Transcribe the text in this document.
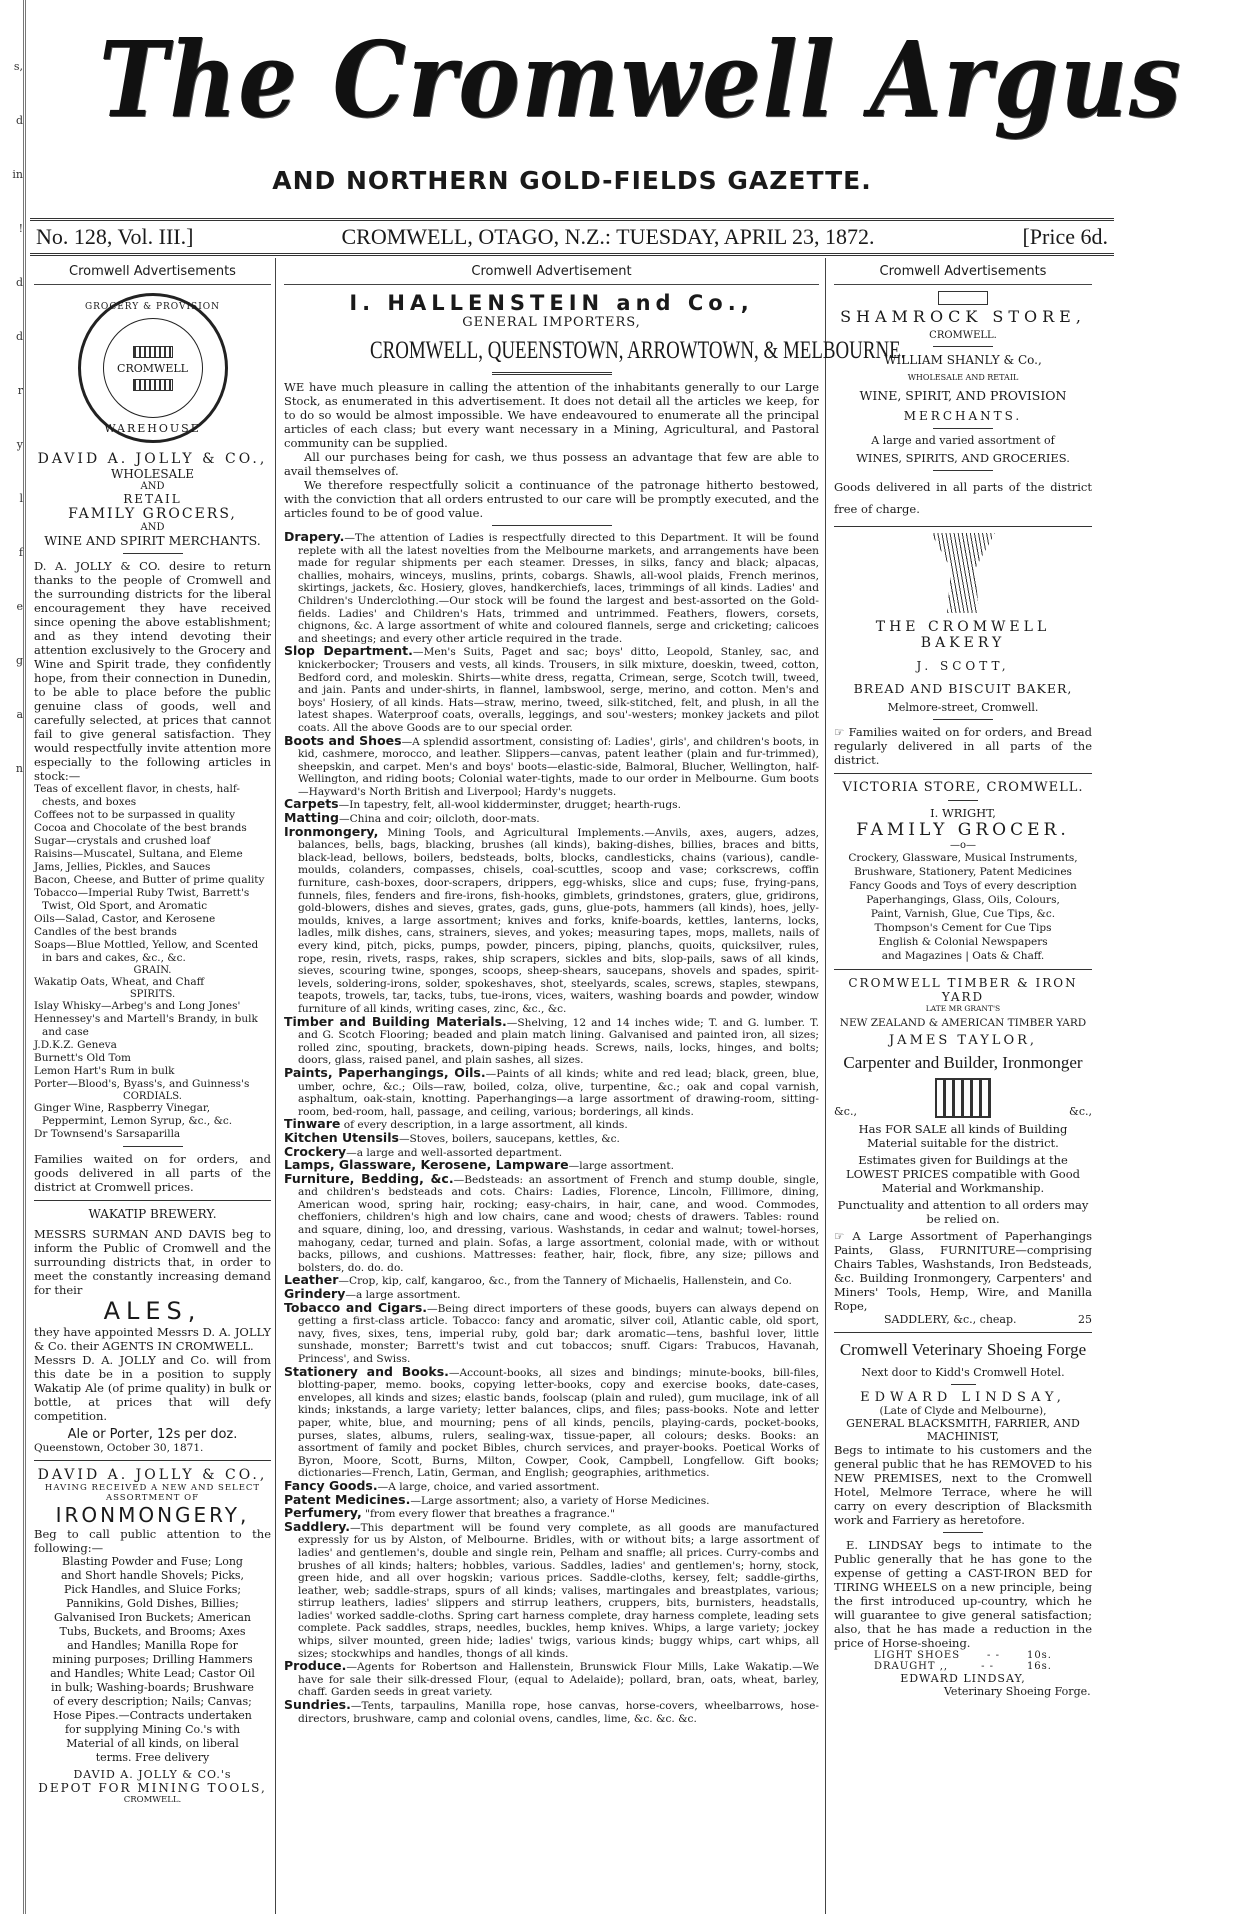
s,
d
in
!
d
d
r
y
l
f
e
g
a
n
The Cromwell Argus
AND NORTHERN GOLD-FIELDS GAZETTE.
No. 128, Vol. III.]	CROMWELL, OTAGO, N.Z.: TUESDAY, APRIL 23, 1872.	[Price 6d.
Cromwell Advertisements
GROCERY & PROVISION
CROMWELL
WAREHOUSE
DAVID A. JOLLY & CO.,
WHOLESALE
AND
RETAIL
FAMILY GROCERS,
AND
WINE AND SPIRIT MERCHANTS.

D. A. JOLLY & CO. desire to return thanks to the people of Cromwell and the surrounding districts for the liberal encouragement they have received since opening the above establishment; and as they intend devoting their attention exclusively to the Grocery and Wine and Spirit trade, they confidently hope, from their connection in Dunedin, to be able to place before the public genuine class of goods, well and carefully selected, at prices that cannot fail to give general satisfaction. They would respectfully invite attention more especially to the following articles in stock:—

Teas of excellent flavor, in chests, half-chests, and boxes

Coffees not to be surpassed in quality

Cocoa and Chocolate of the best brands

Sugar—crystals and crushed loaf

Raisins—Muscatel, Sultana, and Eleme

Jams, Jellies, Pickles, and Sauces

Bacon, Cheese, and Butter of prime quality

Tobacco—Imperial Ruby Twist, Barrett's Twist, Old Sport, and Aromatic

Oils—Salad, Castor, and Kerosene

Candles of the best brands

Soaps—Blue Mottled, Yellow, and Scented in bars and cakes, &c., &c.

GRAIN.

Wakatip Oats, Wheat, and Chaff

SPIRITS.

Islay Whisky—Arbeg's and Long Jones'

Hennessey's and Martell's Brandy, in bulk and case

J.D.K.Z. Geneva

Burnett's Old Tom

Lemon Hart's Rum in bulk

Porter—Blood's, Byass's, and Guinness's

CORDIALS.

Ginger Wine, Raspberry Vinegar, Peppermint, Lemon Syrup, &c., &c.

Dr Townsend's Sarsaparilla

Families waited on for orders, and goods delivered in all parts of the district at Cromwell prices.

WAKATIP BREWERY.

MESSRS SURMAN AND DAVIS beg to inform the Public of Cromwell and the surrounding districts that, in order to meet the constantly increasing demand for their

ALES,

they have appointed Messrs D. A. JOLLY & Co. their AGENTS IN CROMWELL.

Messrs D. A. JOLLY and Co. will from this date be in a position to supply Wakatip Ale (of prime quality) in bulk or bottle, at prices that will defy competition.

Ale or Porter, 12s per doz.
Queenstown, October 30, 1871.
DAVID A. JOLLY & CO.,
HAVING RECEIVED A NEW AND SELECT ASSORTMENT OF
IRONMONGERY,

Beg to call public attention to the following:—

Blasting Powder and Fuse; Long and Short handle Shovels; Picks, Pick Handles, and Sluice Forks; Pannikins, Gold Dishes, Billies; Galvanised Iron Buckets; American Tubs, Buckets, and Brooms; Axes and Handles; Manilla Rope for mining purposes; Drilling Hammers and Handles; White Lead; Castor Oil in bulk; Washing-boards; Brushware of every description; Nails; Canvas; Hose Pipes.—Contracts undertaken for supplying Mining Co.'s with Material of all kinds, on liberal terms. Free delivery

DAVID A. JOLLY & CO.'s
DEPOT FOR MINING TOOLS,
CROMWELL.
Cromwell Advertisement
I. HALLENSTEIN and Co.,
GENERAL IMPORTERS,
CROMWELL, QUEENSTOWN, ARROWTOWN, & MELBOURNE.

WE have much pleasure in calling the attention of the inhabitants generally to our Large Stock, as enumerated in this advertisement. It does not detail all the articles we keep, for to do so would be almost impossible. We have endeavoured to enumerate all the principal articles of each class; but every want necessary in a Mining, Agricultural, and Pastoral community can be supplied.

All our purchases being for cash, we thus possess an advantage that few are able to avail themselves of.

We therefore respectfully solicit a continuance of the patronage hitherto bestowed, with the conviction that all orders entrusted to our care will be promptly executed, and the articles found to be of good value.

Drapery.—The attention of Ladies is respectfully directed to this Department. It will be found replete with all the latest novelties from the Melbourne markets, and arrangements have been made for regular shipments per each steamer. Dresses, in silks, fancy and black; alpacas, challies, mohairs, winceys, muslins, prints, cobargs. Shawls, all-wool plaids, French merinos, skirtings, jackets, &c. Hosiery, gloves, handkerchiefs, laces, trimmings of all kinds. Ladies' and Children's Underclothing.—Our stock will be found the largest and best-assorted on the Gold-fields. Ladies' and Children's Hats, trimmed and untrimmed. Feathers, flowers, corsets, chignons, &c. A large assortment of white and coloured flannels, serge and cricketing; calicoes and sheetings; and every other article required in the trade.

Slop Department.—Men's Suits, Paget and sac; boys' ditto, Leopold, Stanley, sac, and knickerbocker; Trousers and vests, all kinds. Trousers, in silk mixture, doeskin, tweed, cotton, Bedford cord, and moleskin. Shirts—white dress, regatta, Crimean, serge, Scotch twill, tweed, and jain. Pants and under-shirts, in flannel, lambswool, serge, merino, and cotton. Men's and boys' Hosiery, of all kinds. Hats—straw, merino, tweed, silk-stitched, felt, and plush, in all the latest shapes. Waterproof coats, overalls, leggings, and sou'-westers; monkey jackets and pilot coats. All the above Goods are to our special order.

Boots and Shoes—A splendid assortment, consisting of: Ladies', girls', and children's boots, in kid, cashmere, morocco, and leather. Slippers—canvas, patent leather (plain and fur-trimmed), sheepskin, and carpet. Men's and boys' boots—elastic-side, Balmoral, Blucher, Wellington, half-Wellington, and riding boots; Colonial water-tights, made to our order in Melbourne. Gum boots—Hayward's North British and Liverpool; Hardy's nuggets.

Carpets—In tapestry, felt, all-wool kidderminster, drugget; hearth-rugs.

Matting—China and coir; oilcloth, door-mats.

Ironmongery, Mining Tools, and Agricultural Implements.—Anvils, axes, augers, adzes, balances, bells, bags, blacking, brushes (all kinds), baking-dishes, billies, braces and bitts, black-lead, bellows, boilers, bedsteads, bolts, blocks, candlesticks, chains (various), candle-moulds, colanders, compasses, chisels, coal-scuttles, scoop and vase; corkscrews, coffin furniture, cash-boxes, door-scrapers, drippers, egg-whisks, slice and cups; fuse, frying-pans, funnels, files, fenders and fire-irons, fish-hooks, gimblets, grindstones, graters, glue, gridirons, gold-blowers, dishes and sieves, grates, gads, guns, glue-pots, hammers (all kinds), hoes, jelly-moulds, knives, a large assortment; knives and forks, knife-boards, kettles, lanterns, locks, ladles, milk dishes, cans, strainers, sieves, and yokes; measuring tapes, mops, mallets, nails of every kind, pitch, picks, pumps, powder, pincers, piping, planchs, quoits, quicksilver, rules, rope, resin, rivets, rasps, rakes, ship scrapers, sickles and bits, slop-pails, saws of all kinds, sieves, scouring twine, sponges, scoops, sheep-shears, saucepans, shovels and spades, spirit-levels, soldering-irons, solder, spokeshaves, shot, steelyards, scales, screws, staples, stewpans, teapots, trowels, tar, tacks, tubs, tue-irons, vices, waiters, washing boards and powder, window furniture of all kinds, writing cases, zinc, &c., &c.

Timber and Building Materials.—Shelving, 12 and 14 inches wide; T. and G. lumber. T. and G. Scotch Flooring; beaded and plain match lining. Galvanised and painted iron, all sizes; rolled zinc, spouting, brackets, down-piping heads. Screws, nails, locks, hinges, and bolts; doors, glass, raised panel, and plain sashes, all sizes.

Paints, Paperhangings, Oils.—Paints of all kinds; white and red lead; black, green, blue, umber, ochre, &c.; Oils—raw, boiled, colza, olive, turpentine, &c.; oak and copal varnish, asphaltum, oak-stain, knotting. Paperhangings—a large assortment of drawing-room, sitting-room, bed-room, hall, passage, and ceiling, various; borderings, all kinds.

Tinware of every description, in a large assortment, all kinds.

Kitchen Utensils—Stoves, boilers, saucepans, kettles, &c.

Crockery—a large and well-assorted department.

Lamps, Glassware, Kerosene, Lampware—large assortment.

Furniture, Bedding, &c.—Bedsteads: an assortment of French and stump double, single, and children's bedsteads and cots. Chairs: Ladies, Florence, Lincoln, Fillimore, dining, American wood, spring hair, rocking; easy-chairs, in hair, cane, and wood. Commodes, cheffoniers, children's high and low chairs, cane and wood; chests of drawers. Tables: round and square, dining, loo, and dressing, various. Washstands, in cedar and walnut; towel-horses, mahogany, cedar, turned and plain. Sofas, a large assortment, colonial made, with or without backs, pillows, and cushions. Mattresses: feather, hair, flock, fibre, any size; pillows and bolsters, do. do. do.

Leather—Crop, kip, calf, kangaroo, &c., from the Tannery of Michaelis, Hallenstein, and Co.

Grindery—a large assortment.

Tobacco and Cigars.—Being direct importers of these goods, buyers can always depend on getting a first-class article. Tobacco: fancy and aromatic, silver coil, Atlantic cable, old sport, navy, fives, sixes, tens, imperial ruby, gold bar; dark aromatic—tens, bashful lover, little sunshade, monster; Barrett's twist and cut tobaccos; snuff. Cigars: Trabucos, Havanah, Princess', and Swiss.

Stationery and Books.—Account-books, all sizes and bindings; minute-books, bill-files, blotting-paper, memo. books, copying letter-books, copy and exercise books, date-cases, envelopes, all kinds and sizes; elastic bands, foolscap (plain and ruled), gum mucilage, ink of all kinds; inkstands, a large variety; letter balances, clips, and files; pass-books. Note and letter paper, white, blue, and mourning; pens of all kinds, pencils, playing-cards, pocket-books, purses, slates, albums, rulers, sealing-wax, tissue-paper, all colours; desks. Books: an assortment of family and pocket Bibles, church services, and prayer-books. Poetical Works of Byron, Moore, Scott, Burns, Milton, Cowper, Cook, Campbell, Longfellow. Gift books; dictionaries—French, Latin, German, and English; geographies, arithmetics.

Fancy Goods.—A large, choice, and varied assortment.

Patent Medicines.—Large assortment; also, a variety of Horse Medicines.

Perfumery, "from every flower that breathes a fragrance."

Saddlery.—This department will be found very complete, as all goods are manufactured expressly for us by Alston, of Melbourne. Bridles, with or without bits; a large assortment of ladies' and gentlemen's, double and single rein, Pelham and snaffle; all prices. Curry-combs and brushes of all kinds; halters; hobbles, various. Saddles, ladies' and gentlemen's; horny, stock, green hide, and all over hogskin; various prices. Saddle-cloths, kersey, felt; saddle-girths, leather, web; saddle-straps, spurs of all kinds; valises, martingales and breastplates, various; stirrup leathers, ladies' slippers and stirrup leathers, cruppers, bits, burnisters, headstalls, ladies' worked saddle-cloths. Spring cart harness complete, dray harness complete, leading sets complete. Pack saddles, straps, needles, buckles, hemp knives. Whips, a large variety; jockey whips, silver mounted, green hide; ladies' twigs, various kinds; buggy whips, cart whips, all sizes; stockwhips and handles, thongs of all kinds.

Produce.—Agents for Robertson and Hallenstein, Brunswick Flour Mills, Lake Wakatip.—We have for sale their silk-dressed Flour, (equal to Adelaide); pollard, bran, oats, wheat, barley, chaff. Garden seeds in great variety.

Sundries.—Tents, tarpaulins, Manilla rope, hose canvas, horse-covers, wheelbarrows, hose-directors, brushware, camp and colonial ovens, candles, lime, &c. &c. &c.

Cromwell Advertisements
SHAMROCK STORE,
CROMWELL.
WILLIAM SHANLY & Co.,
WHOLESALE AND RETAIL
WINE, SPIRIT, AND PROVISION
MERCHANTS.
A large and varied assortment of
WINES, SPIRITS, AND GROCERIES.

Goods delivered in all parts of the district free of charge.

THE CROMWELL BAKERY
J. SCOTT,
BREAD AND BISCUIT BAKER,
Melmore-street, Cromwell.

☞ Families waited on for orders, and Bread regularly delivered in all parts of the district.

VICTORIA STORE, CROMWELL.
I. WRIGHT,
FAMILY GROCER.
—o—
Crockery, Glassware, Musical Instruments,
Brushware, Stationery, Patent Medicines
Fancy Goods and Toys of every description
Paperhangings, Glass, Oils, Colours,
Paint, Varnish, Glue, Cue Tips, &c.
Thompson's Cement for Cue Tips
English & Colonial Newspapers
and Magazines | Oats & Chaff.
CROMWELL TIMBER & IRON YARD
LATE MR GRANT'S
NEW ZEALAND & AMERICAN TIMBER YARD
JAMES TAYLOR,
Carpenter and Builder, Ironmonger
&c.,	&c.,

Has FOR SALE all kinds of Building Material suitable for the district.

Estimates given for Buildings at the LOWEST PRICES compatible with Good Material and Workmanship.

Punctuality and attention to all orders may be relied on.

☞ A Large Assortment of Paperhangings Paints, Glass, FURNITURE—comprising Chairs Tables, Washstands, Iron Bedsteads, &c. Building Ironmongery, Carpenters' and Miners' Tools, Hemp, Wire, and Manilla Rope,

SADDLERY, &c., cheap.	25
Cromwell Veterinary Shoeing Forge
Next door to Kidd's Cromwell Hotel.
EDWARD LINDSAY,
(Late of Clyde and Melbourne),
GENERAL BLACKSMITH, FARRIER, AND MACHINIST,

Begs to intimate to his customers and the general public that he has REMOVED to his NEW PREMISES, next to the Cromwell Hotel, Melmore Terrace, where he will carry on every description of Blacksmith work and Farriery as heretofore.

E. LINDSAY begs to intimate to the Public generally that he has gone to the expense of getting a CAST-IRON BED for TIRING WHEELS on a new principle, being the first introduced up-country, which he will guarantee to give general satisfaction; also, that he has made a reduction in the price of Horse-shoeing.

LIGHT SHOES	- -	10s.
DRAUGHT ,,	- -	16s.
EDWARD LINDSAY,
Veterinary Shoeing Forge.
